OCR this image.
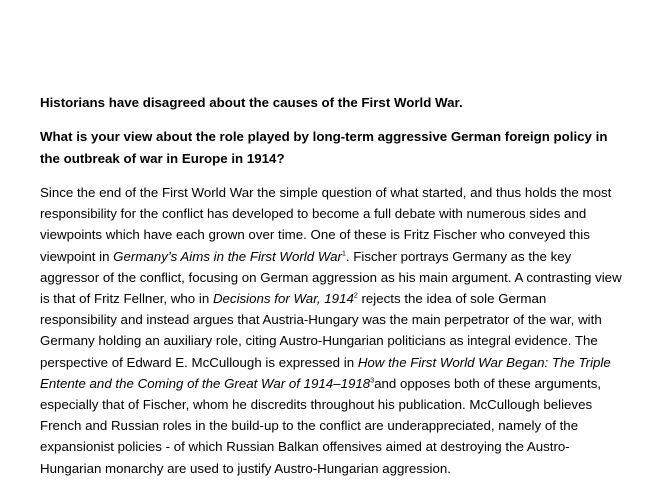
Historians have disagreed about the causes of the First World War.

What is your view about the role played by long-term aggressive German foreign policy in the outbreak of war in Europe in 1914?

Since the end of the First World War the simple question of what started, and thus holds the most responsibility for the conflict has developed to become a full debate with numerous sides and viewpoints which have each grown over time. One of these is Fritz Fischer who conveyed this viewpoint in Germany’s Aims in the First World War$^1$. Fischer portrays Germany as the key aggressor of the conflict, focusing on German aggression as his main argument. A contrasting view is that of Fritz Fellner, who in Decisions for War, 1914$^2$ rejects the idea of sole German responsibility and instead argues that Austria-Hungary was the main perpetrator of the war, with Germany holding an auxiliary role, citing Austro-Hungarian politicians as integral evidence. The perspective of Edward E. McCullough is expressed in How the First World War Began: The Triple Entente and the Coming of the Great War of 1914–1918$^3$and opposes both of these arguments, especially that of Fischer, whom he discredits throughout his publication. McCullough believes French and Russian roles in the build-up to the conflict are underappreciated, namely of the expansionist policies - of which Russian Balkan offensives aimed at destroying the Austro-Hungarian monarchy are used to justify Austro-Hungarian aggression.
